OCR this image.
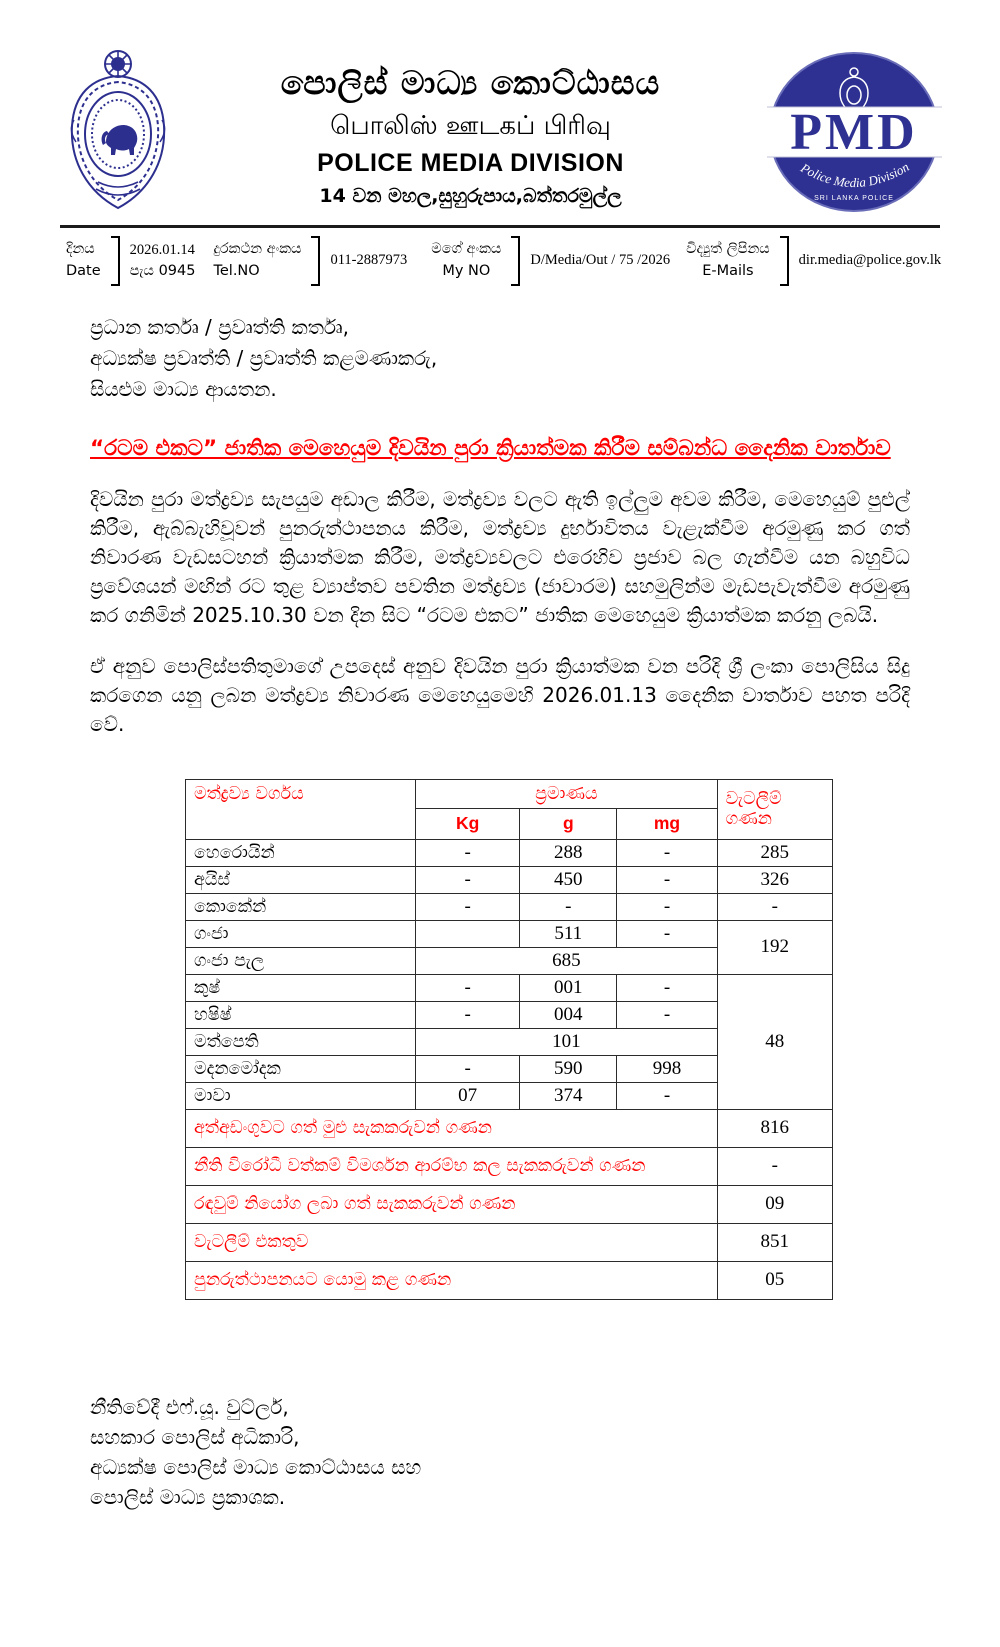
පොලිස් මාධ්‍ය කොට්ඨාසය
பொலிஸ் ஊடகப் பிரிவு
POLICE MEDIA DIVISION
14 වන මහල,සුහුරුපාය,බත්තරමුල්ල
PMD
Police Media Division
SRI LANKA POLICE
දිනය
Date
2026.01.14
පැය 0945
දුරකථන අංකය
Tel.NO
011-2887973
මගේ අංකය
My NO
D/Media/Out / 75 /2026
විද්‍යුත් ලිපිනය
E-Mails
dir.media@police.gov.lk
ප්‍රධාන කර්තෘ / ප්‍රවෘත්ති කර්තෘ,
අධ්‍යක්ෂ ප්‍රවෘත්ති / ප්‍රවෘත්ති කළමණාකරු,
සියළුම මාධ්‍ය ආයතන.
“රටම එකට” ජාතික මෙහෙයුම දිවයින පුරා ක්‍රියාත්මක කිරීම සම්බන්ධ දෛනික වාර්තාව
දිවයින පුරා මත්ද්‍රව්‍ය සැපයුම අඩාල කිරීම, මත්ද්‍රව්‍ය වලට ඇති ඉල්ලුම අවම කිරීම, මෙහෙයුම් පුළුල් කිරීම, ඇබ්බැහිවූවන් පුනරුත්ථාපනය කිරීම, මත්ද්‍රව්‍ය දුර්භාවිතය වැළැක්වීම අරමුණු කර ගත් නිවාරණ වැඩසටහන් ක්‍රියාත්මක කිරීම, මත්ද්‍රව්‍යවලට එරෙහිව ප්‍රජාව බල ගැන්වීම යන බහුවිධ ප්‍රවේශයන් මඟින් රට තුළ ව්‍යාප්තව පවතින මත්ද්‍රව්‍ය (ජාවාරම) සහමුලින්ම මැඩපැවැත්වීම අරමුණු කර ගනිමින් 2025.10.30 වන දින සිට “රටම එකට” ජාතික මෙහෙයුම ක්‍රියාත්මක කරනු ලබයි.
ඒ අනුව පොලිස්පතිතුමාගේ උපදෙස් අනුව දිවයින පුරා ක්‍රියාත්මක වන පරිදි ශ්‍රී ලංකා පොලිසිය සිදු කරගෙන යනු ලබන මත්ද්‍රව්‍ය නිවාරණ මෙහෙයුමෙහි 2026.01.13 දෛනික වාර්තාව පහත පරිදි වේ.
මත්ද්‍රව්‍ය වර්ගය	ප්‍රමාණය			වැටලීම් ගණන
	Kg	g	mg	
හෙරොයින්	-	288	-	285
අයිස්	-	450	-	326
කොකේන්	-	-	-	-
ගංජා		511	-	192
ගංජා පැල	685			
කුෂ්	-	001	-	48
හෂිෂ්	-	004	-	
මත්පෙති	101			
මදනමෝදක	-	590	998	
මාවා	07	374	-	
අත්අඩංගුවට ගත් මුළු සැකකරුවන් ගණන				816
නීති විරෝධී වත්කම් විමර්ශන ආරම්භ කල සැකකරුවන් ගණන				-
රඳවුම් නියෝග ලබා ගත් සැකකරුවන් ගණන				09
වැටලීම් එකතුව				851
පුනරුත්ථාපනයට යොමු කළ ගණන				05
නීතිවේදී එෆ්.යූ. වුට්ලර්,
සහකාර පොලිස් අධිකාරි,
අධ්‍යක්ෂ පොලිස් මාධ්‍ය කොට්ඨාසය සහ
පොලිස් මාධ්‍ය ප්‍රකාශක.
